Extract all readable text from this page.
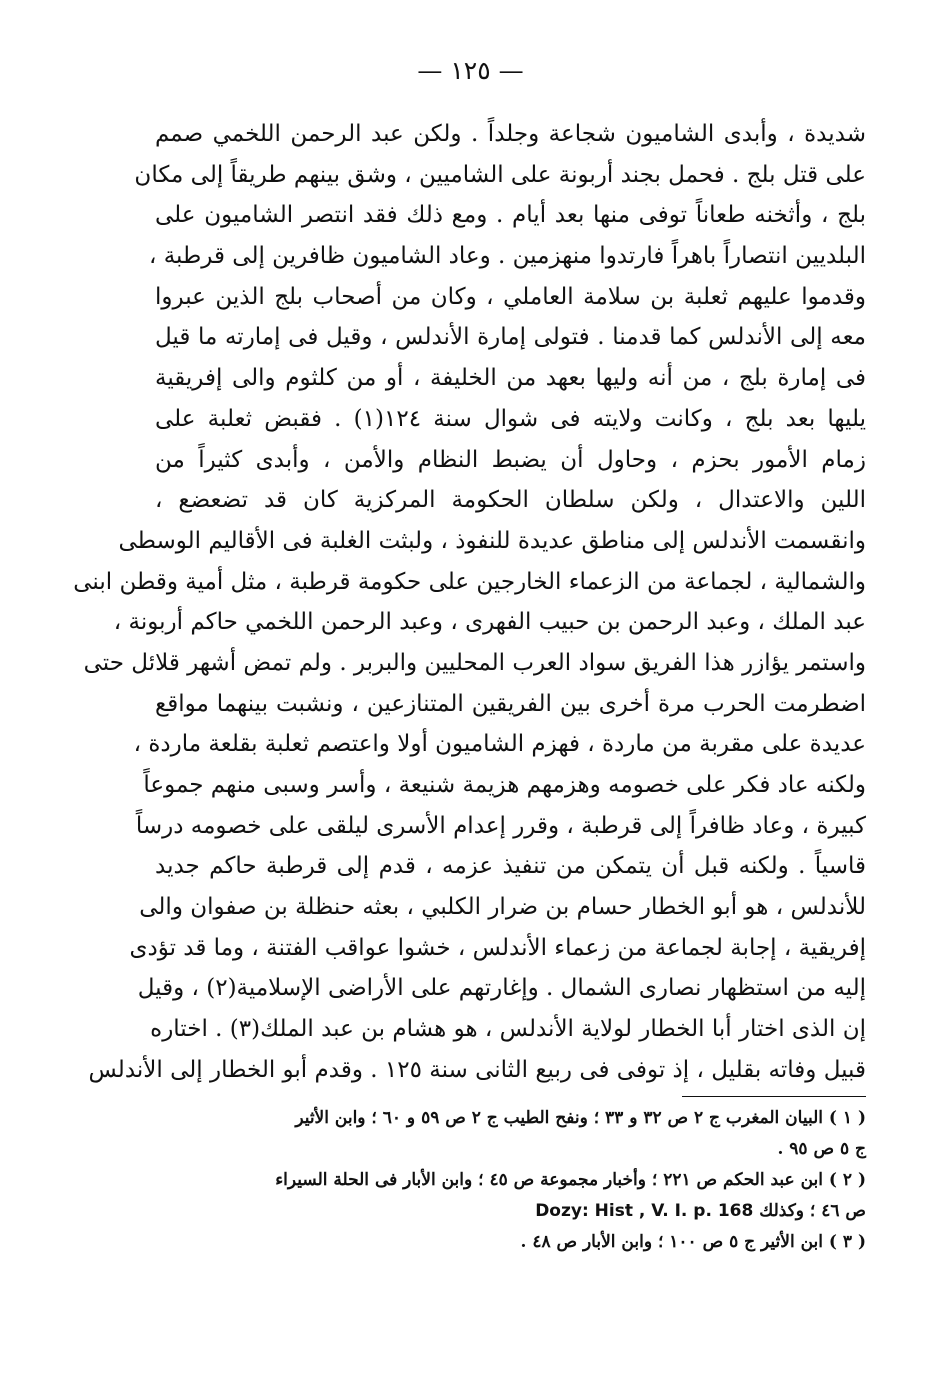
— ١٢٥ —
شديدة ، وأبدى الشاميون شجاعة وجلداً . ولكن عبد الرحمن اللخمي صمم
على قتل بلج . فحمل بجند أربونة على الشاميين ، وشق بينهم طريقاً إلى مكان
بلج ، وأثخنه طعاناً توفى منها بعد أيام . ومع ذلك فقد انتصر الشاميون على
البلديين انتصاراً باهراً فارتدوا منهزمين . وعاد الشاميون ظافرين إلى قرطبة ،
وقدموا عليهم ثعلبة بن سلامة العاملي ، وكان من أصحاب بلج الذين عبروا
معه إلى الأندلس كما قدمنا . فتولى إمارة الأندلس ، وقيل فى إمارته ما قيل
فى إمارة بلج ، من أنه وليها بعهد من الخليفة ، أو من كلثوم والى إفريقية
يليها بعد بلج ، وكانت ولايته فى شوال سنة ١٢٤(١) . فقبض ثعلبة على
زمام الأمور بحزم ، وحاول أن يضبط النظام والأمن ، وأبدى كثيراً من
اللين والاعتدال ، ولكن سلطان الحكومة المركزية كان قد تضعضع ،
وانقسمت الأندلس إلى مناطق عديدة للنفوذ ، ولبثت الغلبة فى الأقاليم الوسطى
والشمالية ، لجماعة من الزعماء الخارجين على حكومة قرطبة ، مثل أمية وقطن ابنى
عبد الملك ، وعبد الرحمن بن حبيب الفهرى ، وعبد الرحمن اللخمي حاكم أربونة ،
واستمر يؤازر هذا الفريق سواد العرب المحليين والبربر . ولم تمض أشهر قلائل حتى
اضطرمت الحرب مرة أخرى بين الفريقين المتنازعين ، ونشبت بينهما مواقع
عديدة على مقربة من ماردة ، فهزم الشاميون أولا واعتصم ثعلبة بقلعة ماردة ،
ولكنه عاد فكر على خصومه وهزمهم هزيمة شنيعة ، وأسر وسبى منهم جموعاً
كبيرة ، وعاد ظافراً إلى قرطبة ، وقرر إعدام الأسرى ليلقى على خصومه درساً
قاسياً . ولكنه قبل أن يتمكن من تنفيذ عزمه ، قدم إلى قرطبة حاكم جديد
للأندلس ، هو أبو الخطار حسام بن ضرار الكلبي ، بعثه حنظلة بن صفوان والى
إفريقية ، إجابة لجماعة من زعماء الأندلس ، خشوا عواقب الفتنة ، وما قد تؤدى
إليه من استظهار نصارى الشمال . وإغارتهم على الأراضى الإسلامية(٢) ، وقيل
إن الذى اختار أبا الخطار لولاية الأندلس ، هو هشام بن عبد الملك(٣) . اختاره
قبيل وفاته بقليل ، إذ توفى فى ربيع الثانى سنة ١٢٥ . وقدم أبو الخطار إلى الأندلس
( ١ ) البيان المغرب ج ٢ ص ٣٢ و ٣٣ ؛ ونفح الطيب ج ٢ ص ٥٩ و ٦٠ ؛ وابن الأثير
ج ٥ ص ٩٥ .
( ٢ ) ابن عبد الحكم ص ٢٢١ ؛ وأخبار مجموعة ص ٤٥ ؛ وابن الأبار فى الحلة السيراء
ص ٤٦ ؛ وكذلك Dozy: Hist , V. I. p. 168
( ٣ ) ابن الأثير ج ٥ ص ١٠٠ ؛ وابن الأبار ص ٤٨ .
